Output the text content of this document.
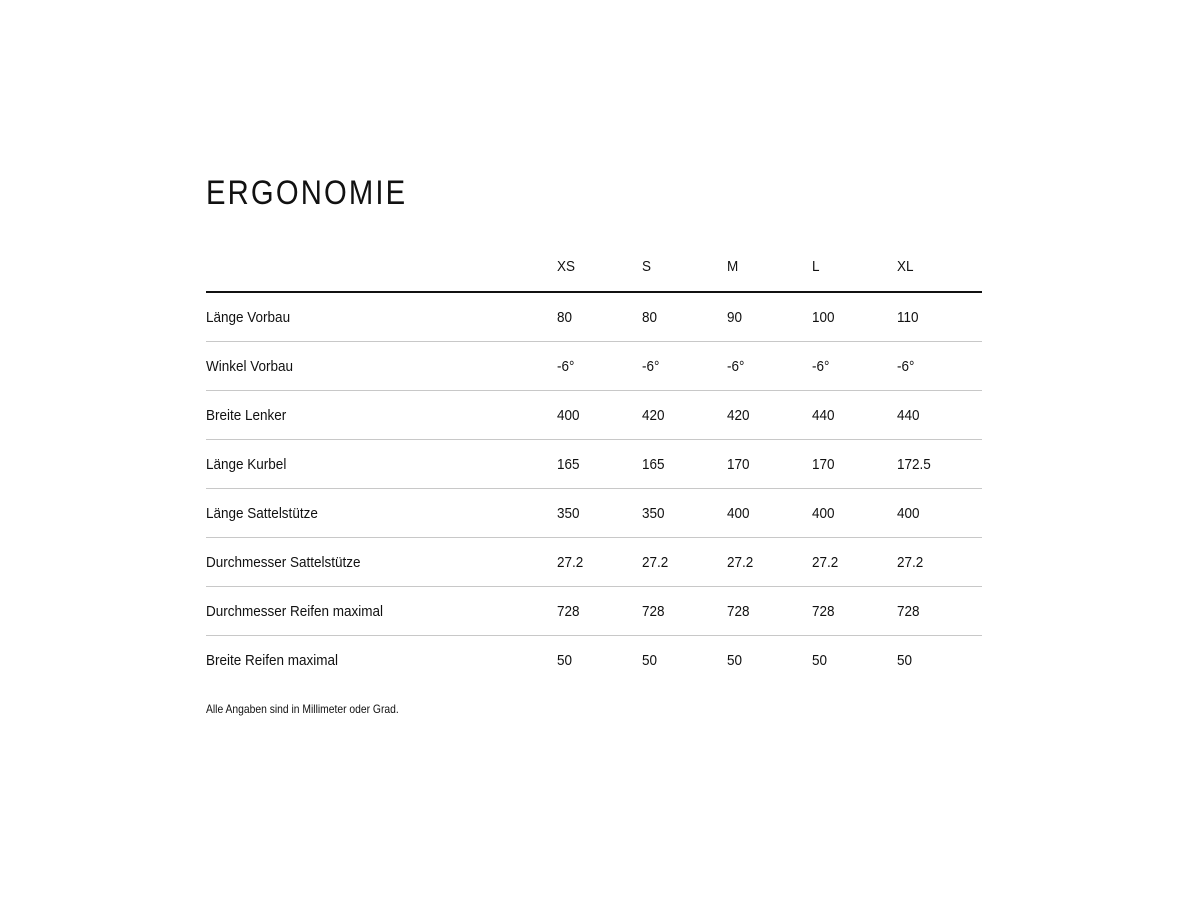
ERGONOMIE
	XS	S	M	L	XL
Länge Vorbau	80	80	90	100	110
Winkel Vorbau	-6°	-6°	-6°	-6°	-6°
Breite Lenker	400	420	420	440	440
Länge Kurbel	165	165	170	170	172.5
Länge Sattelstütze	350	350	400	400	400
Durchmesser Sattelstütze	27.2	27.2	27.2	27.2	27.2
Durchmesser Reifen maximal	728	728	728	728	728
Breite Reifen maximal	50	50	50	50	50

Alle Angaben sind in Millimeter oder Grad.
